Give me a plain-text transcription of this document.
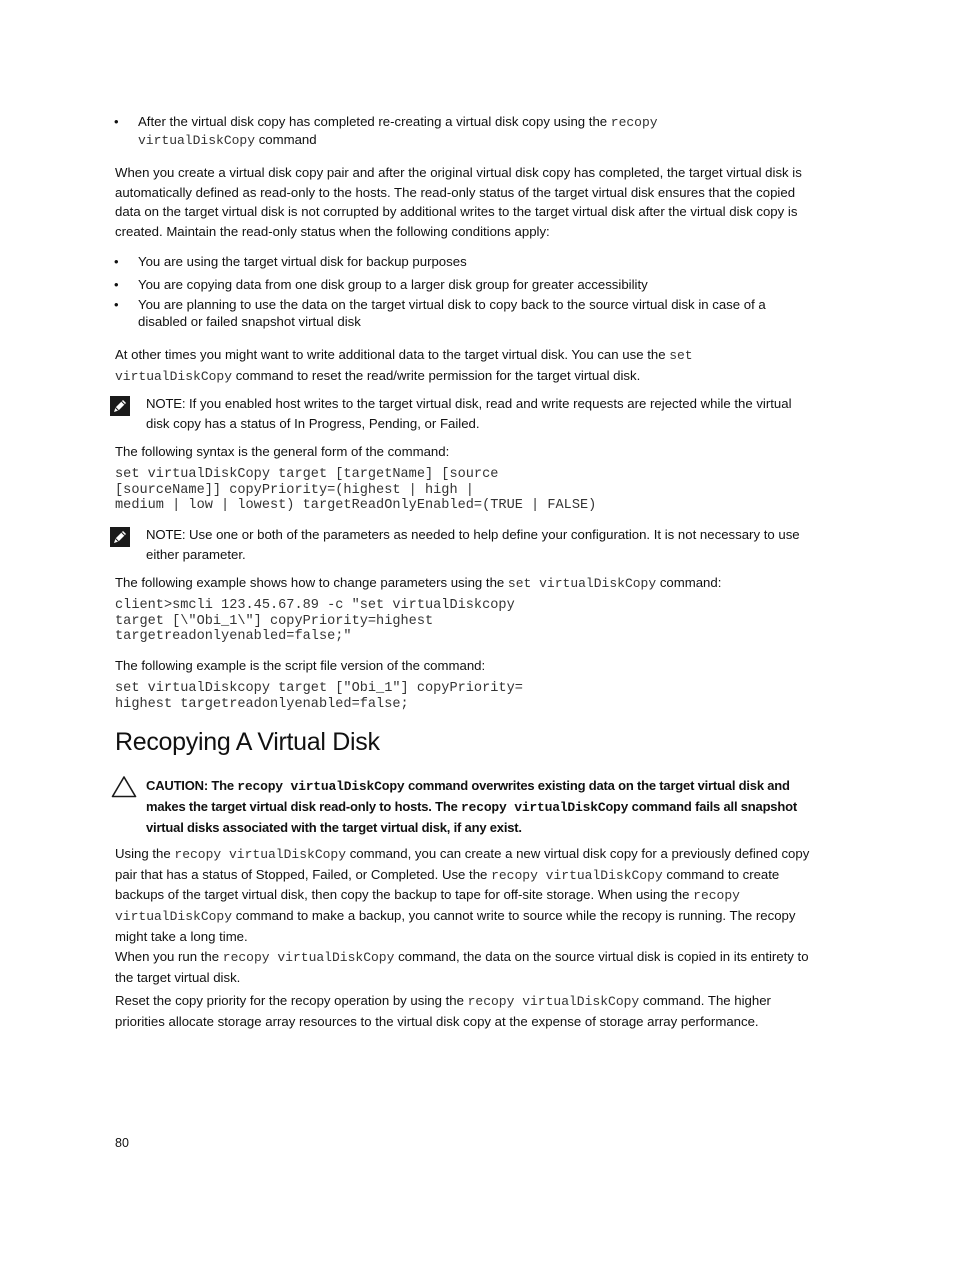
• After the virtual disk copy has completed re-creating a virtual disk copy using the recopy
virtualDiskCopy command
When you create a virtual disk copy pair and after the original virtual disk copy has completed, the target virtual disk is automatically defined as read-only to the hosts. The read-only status of the target virtual disk ensures that the copied data on the target virtual disk is not corrupted by additional writes to the target virtual disk after the virtual disk copy is created. Maintain the read-only status when the following conditions apply:
• You are using the target virtual disk for backup purposes
• You are copying data from one disk group to a larger disk group for greater accessibility
• You are planning to use the data on the target virtual disk to copy back to the source virtual disk in case of a disabled or failed snapshot virtual disk
At other times you might want to write additional data to the target virtual disk. You can use the set
virtualDiskCopy command to reset the read/write permission for the target virtual disk.
NOTE: If you enabled host writes to the target virtual disk, read and write requests are rejected while the virtual disk copy has a status of In Progress, Pending, or Failed.
The following syntax is the general form of the command:
set virtualDiskCopy target [targetName] [source
[sourceName]] copyPriority=(highest | high |
medium | low | lowest) targetReadOnlyEnabled=(TRUE | FALSE)
NOTE: Use one or both of the parameters as needed to help define your configuration. It is not necessary to use either parameter.
The following example shows how to change parameters using the set virtualDiskCopy command:
client>smcli 123.45.67.89 -c "set virtualDiskcopy
target [\"Obi_1\"] copyPriority=highest
targetreadonlyenabled=false;"
The following example is the script file version of the command:
set virtualDiskcopy target ["Obi_1"] copyPriority=
highest targetreadonlyenabled=false;
Recopying A Virtual Disk
CAUTION: The recopy virtualDiskCopy command overwrites existing data on the target virtual disk and makes the target virtual disk read-only to hosts. The recopy virtualDiskCopy command fails all snapshot virtual disks associated with the target virtual disk, if any exist.
Using the recopy virtualDiskCopy command, you can create a new virtual disk copy for a previously defined copy pair that has a status of Stopped, Failed, or Completed. Use the recopy virtualDiskCopy command to create backups of the target virtual disk, then copy the backup to tape for off-site storage. When using the recopy virtualDiskCopy command to make a backup, you cannot write to source while the recopy is running. The recopy might take a long time.
When you run the recopy virtualDiskCopy command, the data on the source virtual disk is copied in its entirety to the target virtual disk.
Reset the copy priority for the recopy operation by using the recopy virtualDiskCopy command. The higher priorities allocate storage array resources to the virtual disk copy at the expense of storage array performance.
80
